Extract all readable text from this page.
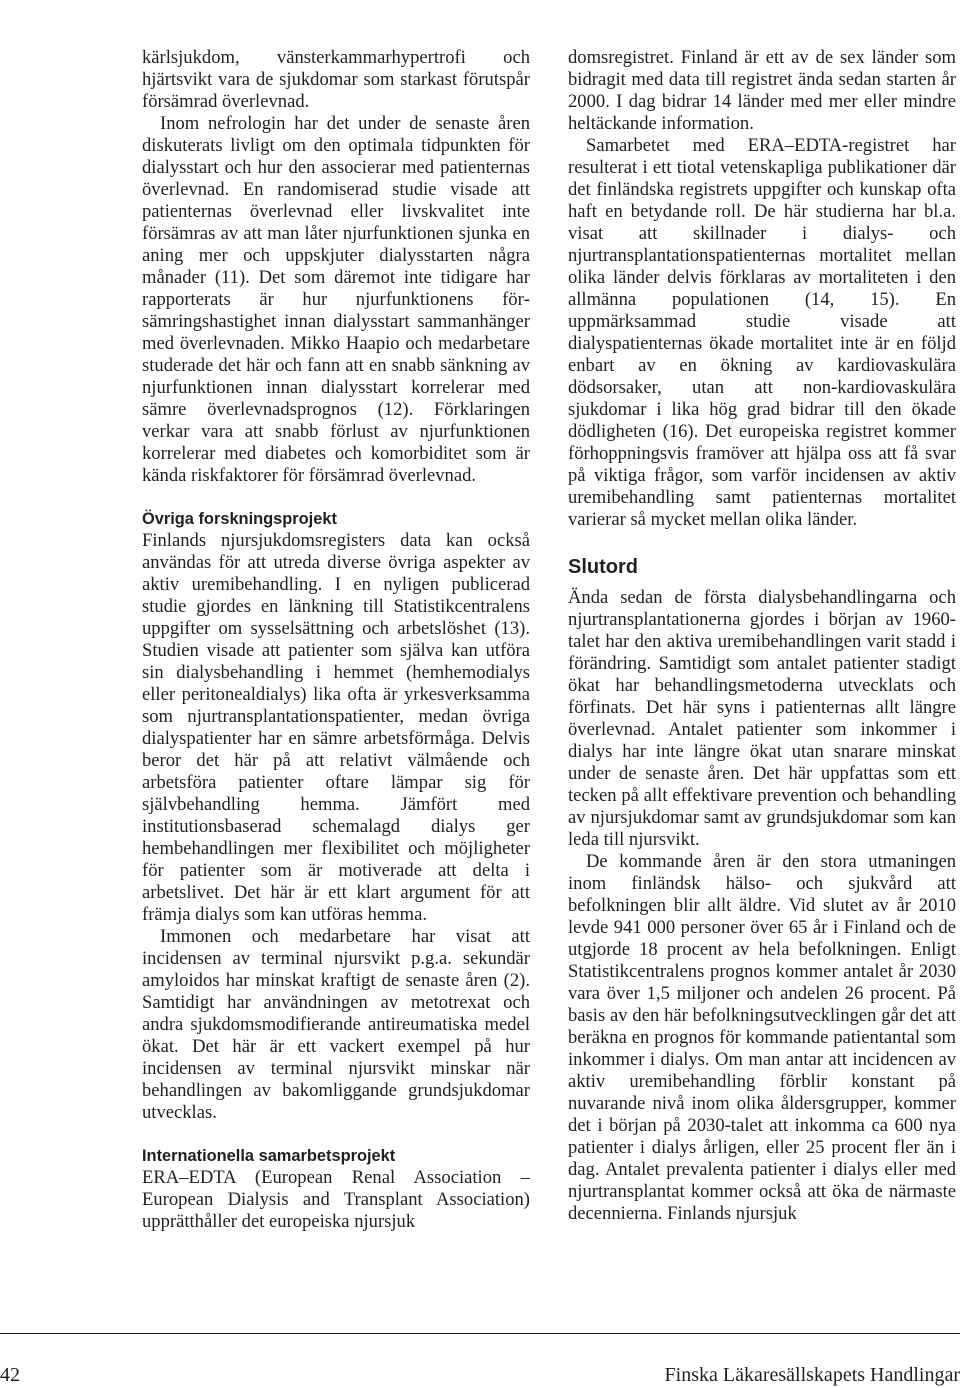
kärlsjukdom, vänsterkammarhypertrofi och hjärtsvikt vara de sjukdomar som starkast förutspår försämrad överlevnad.

Inom nefrologin har det under de senaste åren diskuterats livligt om den optimala tidpunkten för dialysstart och hur den associerar med patienternas överlevnad. En randomiserad studie visade att patienternas överlevnad eller livskvalitet inte försämras av att man låter njurfunktionen sjunka en aning mer och uppskjuter dialysstarten några månader (11). Det som däremot inte tidigare har rapporterats är hur njurfunktionens försämringshastighet innan dialysstart sammanhänger med överlevnaden. Mikko Haapio och medarbetare studerade det här och fann att en snabb sänkning av njurfunktionen innan dialysstart korrelerar med sämre överlevnadsprognos (12). Förklaringen verkar vara att snabb förlust av njurfunktionen korrelerar med diabetes och komorbiditet som är kända riskfaktorer för försämrad överlevnad.

Övriga forskningsprojekt

Finlands njursjukdomsregisters data kan också användas för att utreda diverse övriga aspekter av aktiv uremibehandling. I en nyligen publicerad studie gjordes en länkning till Statistikcentralens uppgifter om sysselsättning och arbetslöshet (13). Studien visade att patienter som själva kan utföra sin dialysbehandling i hemmet (hemhemodialys eller peritonealdialys) lika ofta är yrkesverksamma som njurtransplantationspatienter, medan övriga dialyspatienter har en sämre arbetsförmåga. Delvis beror det här på att relativt välmående och arbetsföra patienter oftare lämpar sig för självbehandling hemma. Jämfört med institutionsbaserad schemalagd dialys ger hembehandlingen mer flexibilitet och möjligheter för patienter som är motiverade att delta i arbetslivet. Det här är ett klart argument för att främja dialys som kan utföras hemma.

Immonen och medarbetare har visat att incidensen av terminal njursvikt p.g.a. sekundär amyloidos har minskat kraftigt de senaste åren (2). Samtidigt har användningen av metotrexat och andra sjukdomsmodifierande antireumatiska medel ökat. Det här är ett vackert exempel på hur incidensen av terminal njursvikt minskar när behandlingen av bakomliggande grundsjukdomar utvecklas.

Internationella samarbetsprojekt

ERA–EDTA (European Renal Association – European Dialysis and Transplant Association) upprätthåller det europeiska njursjuk

domsregistret. Finland är ett av de sex länder som bidragit med data till registret ända sedan starten år 2000. I dag bidrar 14 länder med mer eller mindre heltäckande information.

Samarbetet med ERA–EDTA-registret har resulterat i ett tiotal vetenskapliga publikationer där det finländska registrets uppgifter och kunskap ofta haft en betydande roll. De här studierna har bl.a. visat att skillnader i dialys- och njurtransplantationspatienternas mortalitet mellan olika länder delvis förklaras av mortaliteten i den allmänna populationen (14, 15). En uppmärksammad studie visade att dialyspatienternas ökade mortalitet inte är en följd enbart av en ökning av kardiovaskulära dödsorsaker, utan att non-kardiovaskulära sjukdomar i lika hög grad bidrar till den ökade dödligheten (16). Det europeiska registret kommer förhoppningsvis framöver att hjälpa oss att få svar på viktiga frågor, som varför incidensen av aktiv uremibehandling samt patienternas mortalitet varierar så mycket mellan olika länder.

Slutord

Ända sedan de första dialysbehandlingarna och njurtransplantationerna gjordes i början av 1960-talet har den aktiva uremibehandlingen varit stadd i förändring. Samtidigt som antalet patienter stadigt ökat har behandlingsmetoderna utvecklats och förfinats. Det här syns i patienternas allt längre överlevnad. Antalet patienter som inkommer i dialys har inte längre ökat utan snarare minskat under de senaste åren. Det här uppfattas som ett tecken på allt effektivare prevention och behandling av njursjukdomar samt av grundsjukdomar som kan leda till njursvikt.

De kommande åren är den stora utmaningen inom finländsk hälso- och sjukvård att befolkningen blir allt äldre. Vid slutet av år 2010 levde 941 000 personer över 65 år i Finland och de utgjorde 18 procent av hela befolkningen. Enligt Statistikcentralens prognos kommer antalet år 2030 vara över 1,5 miljoner och andelen 26 procent. På basis av den här befolkningsutvecklingen går det att beräkna en prognos för kommande patientantal som inkommer i dialys. Om man antar att incidencen av aktiv uremibehandling förblir konstant på nuvarande nivå inom olika åldersgrupper, kommer det i början på 2030-talet att inkomma ca 600 nya patienter i dialys årligen, eller 25 procent fler än i dag. Antalet prevalenta patienter i dialys eller med njurtransplantat kommer också att öka de närmaste decennierna. Finlands njursjuk

42	Finska Läkaresällskapets Handlingar
